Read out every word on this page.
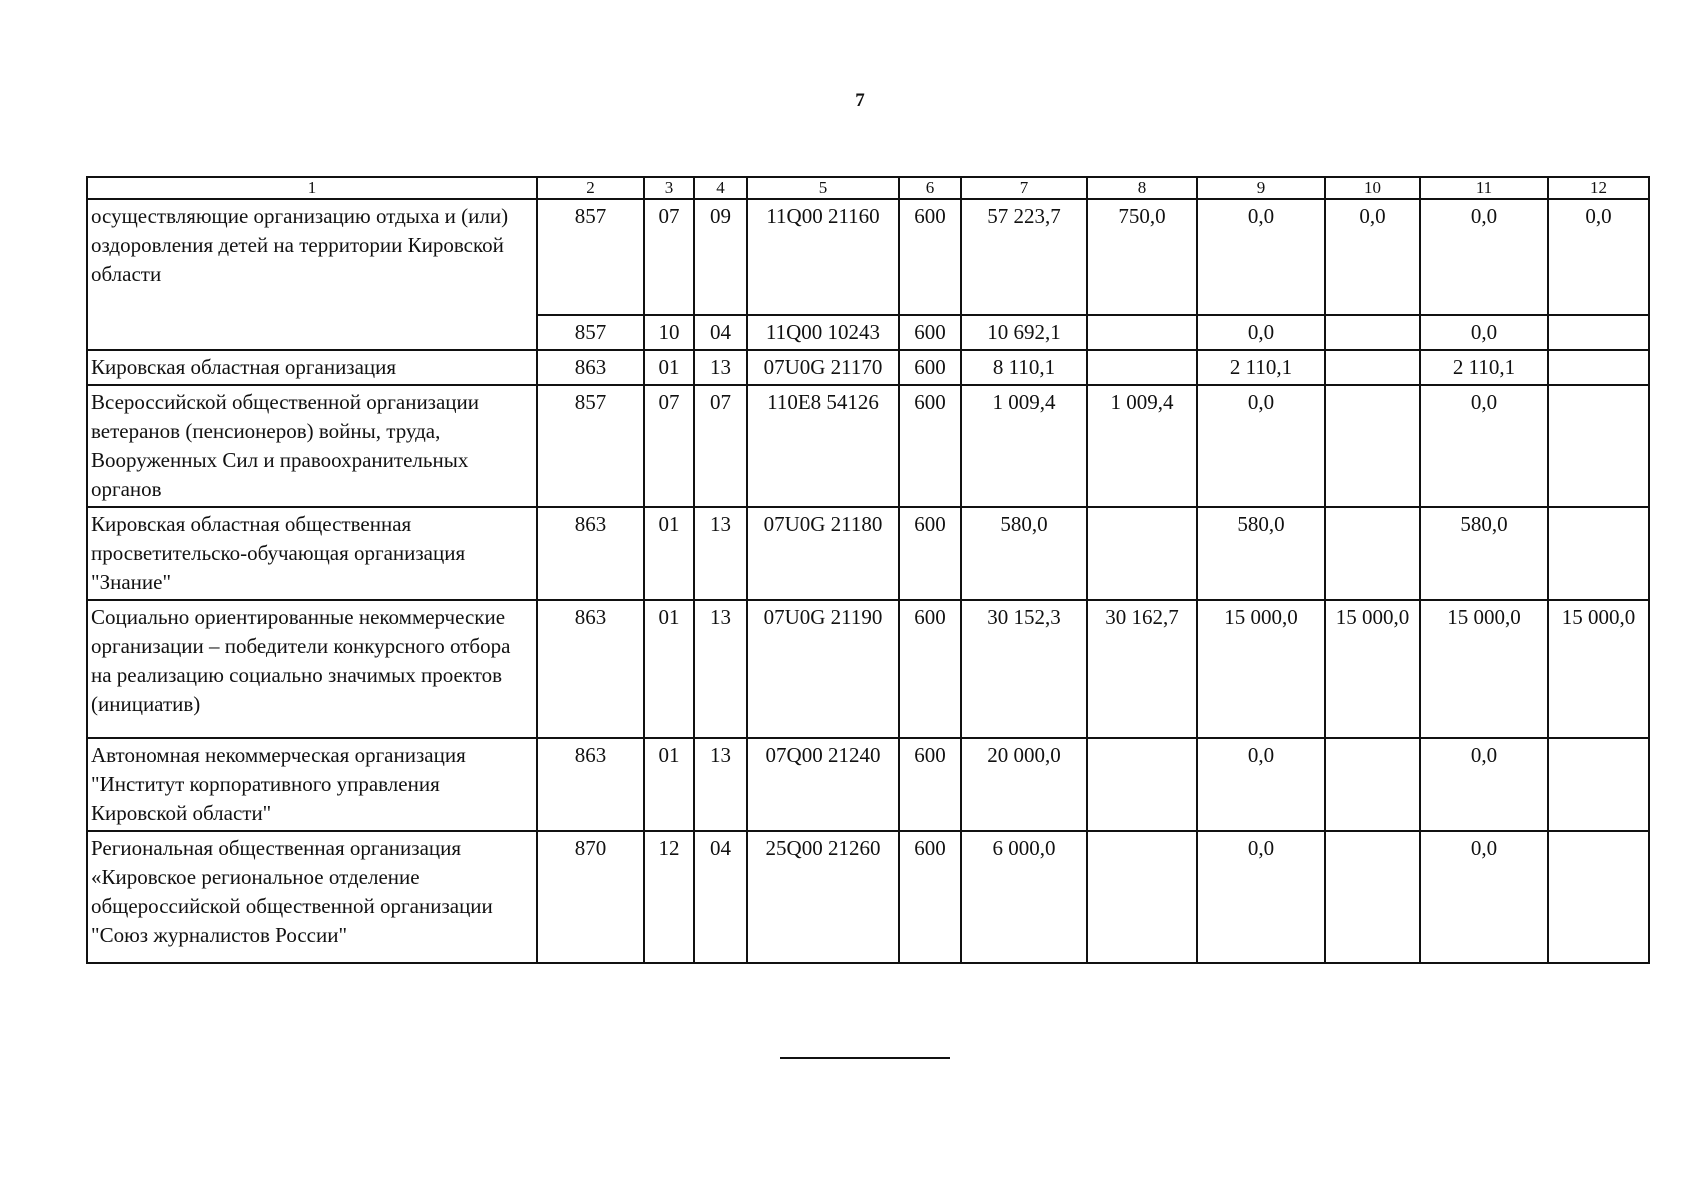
7
1	2	3	4	5	6	7	8	9	10	11	12
осуществляющие организацию отдыха и (или) оздоровления детей на территории Кировской области	857	07	09	11Q00 21160	600	57 223,7	750,0	0,0	0,0	0,0	0,0
	857	10	04	11Q00 10243	600	10 692,1		0,0		0,0	
Кировская областная организация	863	01	13	07U0G 21170	600	8 110,1		2 110,1		2 110,1	
Всероссийской общественной организации ветеранов (пенсионеров) войны, труда, Вооруженных Сил и правоохранительных органов	857	07	07	110E8 54126	600	1 009,4	1 009,4	0,0		0,0	
Кировская областная общественная просветительско-обучающая организация "Знание"	863	01	13	07U0G 21180	600	580,0		580,0		580,0	
Социально ориентированные некоммерческие организации – победители конкурсного отбора на реализацию социально значимых проектов (инициатив)	863	01	13	07U0G 21190	600	30 152,3	30 162,7	15 000,0	15 000,0	15 000,0	15 000,0
Автономная некоммерческая организация "Институт корпоративного управления Кировской области"	863	01	13	07Q00 21240	600	20 000,0		0,0		0,0	
Региональная общественная организация «Кировское региональное отделение общероссийской общественной организации "Союз журналистов России"	870	12	04	25Q00 21260	600	6 000,0		0,0		0,0	
